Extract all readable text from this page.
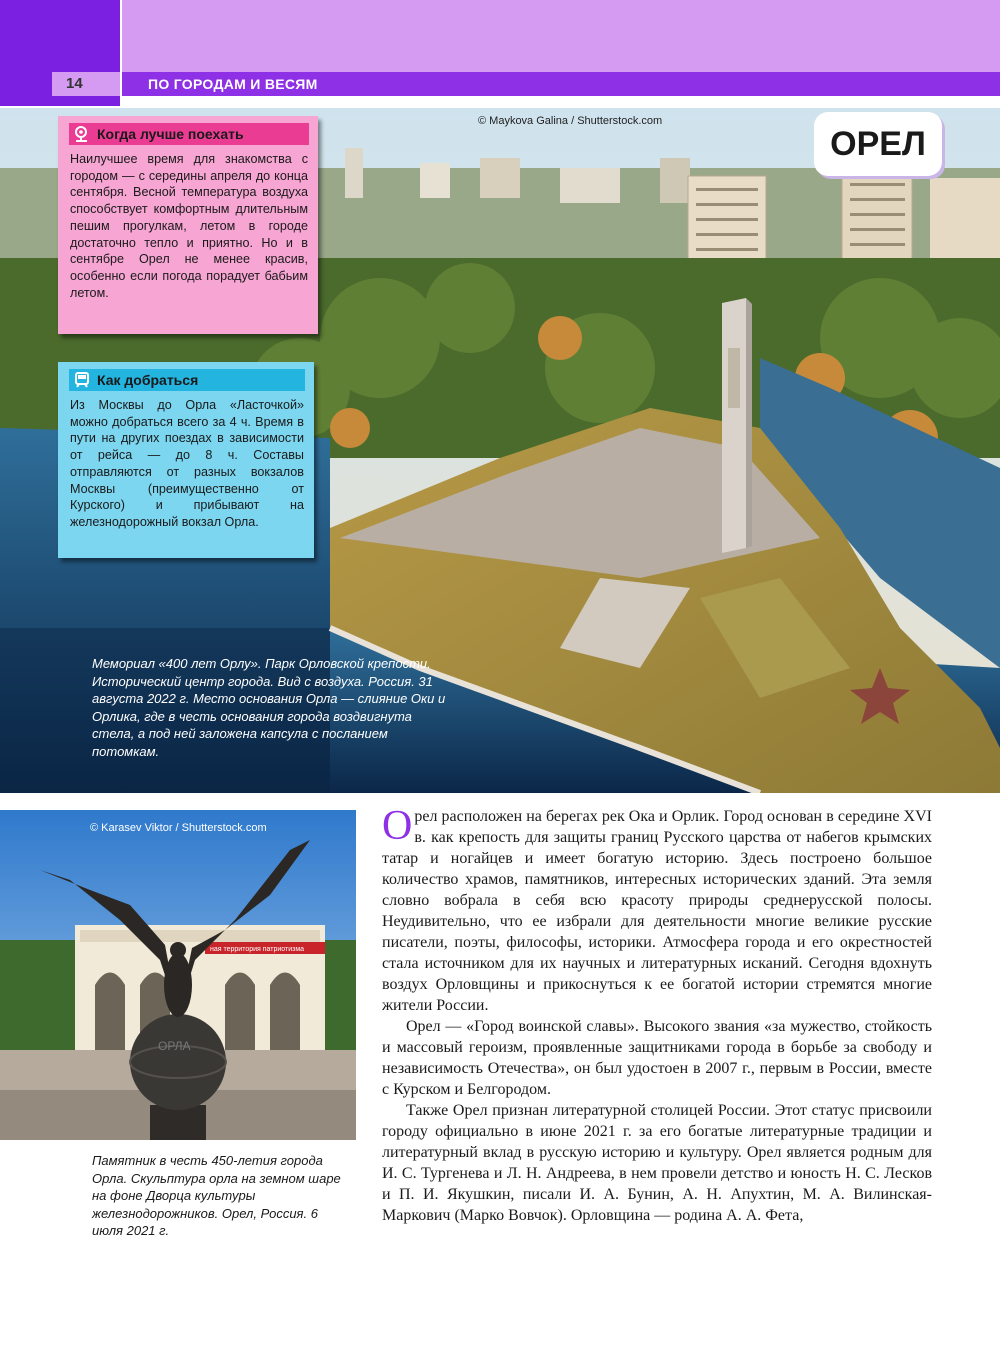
14	ПО ГОРОДАМ И ВЕСЯМ
© Maykova Galina / Shutterstock.com
ОРЕЛ
Когда лучше поехать
Наилучшее время для знакомства с городом — с середины апреля до конца сентября. Весной температура воздуха способствует комфортным длительным пешим прогулкам, летом в городе достаточно тепло и приятно. Но и в сентябре Орел не менее красив, особенно если погода порадует бабьим летом.
Как добраться
Из Москвы до Орла «Ласточкой» можно добраться всего за 4 ч. Время в пути на других поездах в зависимости от рейса — до 8 ч. Составы отправляются от разных вокзалов Москвы (преимущественно от Курского) и прибывают на железнодорожный вокзал Орла.

Мемориал «400 лет Орлу». Парк Орловской крепости. Исторический центр города. Вид с воздуха. Россия. 31 августа 2022 г. Место основания Орла — слияние Оки и Орлика, где в честь основания города воздвигнута стела, а под ней заложена капсула с посланием потомкам.

ная территория патриотизма
ОРЛА
© Karasev Viktor / Shutterstock.com
Памятник в честь 450-летия города Орла. Скульптура орла на земном шаре на фоне Дворца культуры железнодорожников. Орел, Россия. 6 июля 2021 г.

Орел расположен на берегах рек Ока и Орлик. Город основан в середине XVI в. как крепость для защиты границ Русского царства от набегов крымских татар и ногайцев и имеет богатую историю. Здесь построено большое количество храмов, памятников, интересных исторических зданий. Эта земля словно вобрала в себя всю красоту природы среднерусской полосы. Неудивительно, что ее избрали для деятельности многие великие русские писатели, поэты, философы, историки. Атмосфера города и его окрестностей стала источником для их научных и литературных исканий. Сегодня вдохнуть воздух Орловщины и прикоснуться к ее богатой истории стремятся многие жители России.

Орел — «Город воинской славы». Высокого звания «за мужество, стойкость и массовый героизм, проявленные защитниками города в борьбе за свободу и независимость Отечества», он был удостоен в 2007 г., первым в России, вместе с Курском и Белгородом.

Также Орел признан литературной столицей России. Этот статус присвоили городу официально в июне 2021 г. за его богатые литературные традиции и литературный вклад в русскую историю и культуру. Орел является родным для И. С. Тургенева и Л. Н. Андреева, в нем провели детство и юность Н. С. Лесков и П. И. Якушкин, писали И. А. Бунин, А. Н. Апухтин, М. А. Вилинская-Маркович (Марко Вовчок). Орловщина — родина А. А. Фета,
